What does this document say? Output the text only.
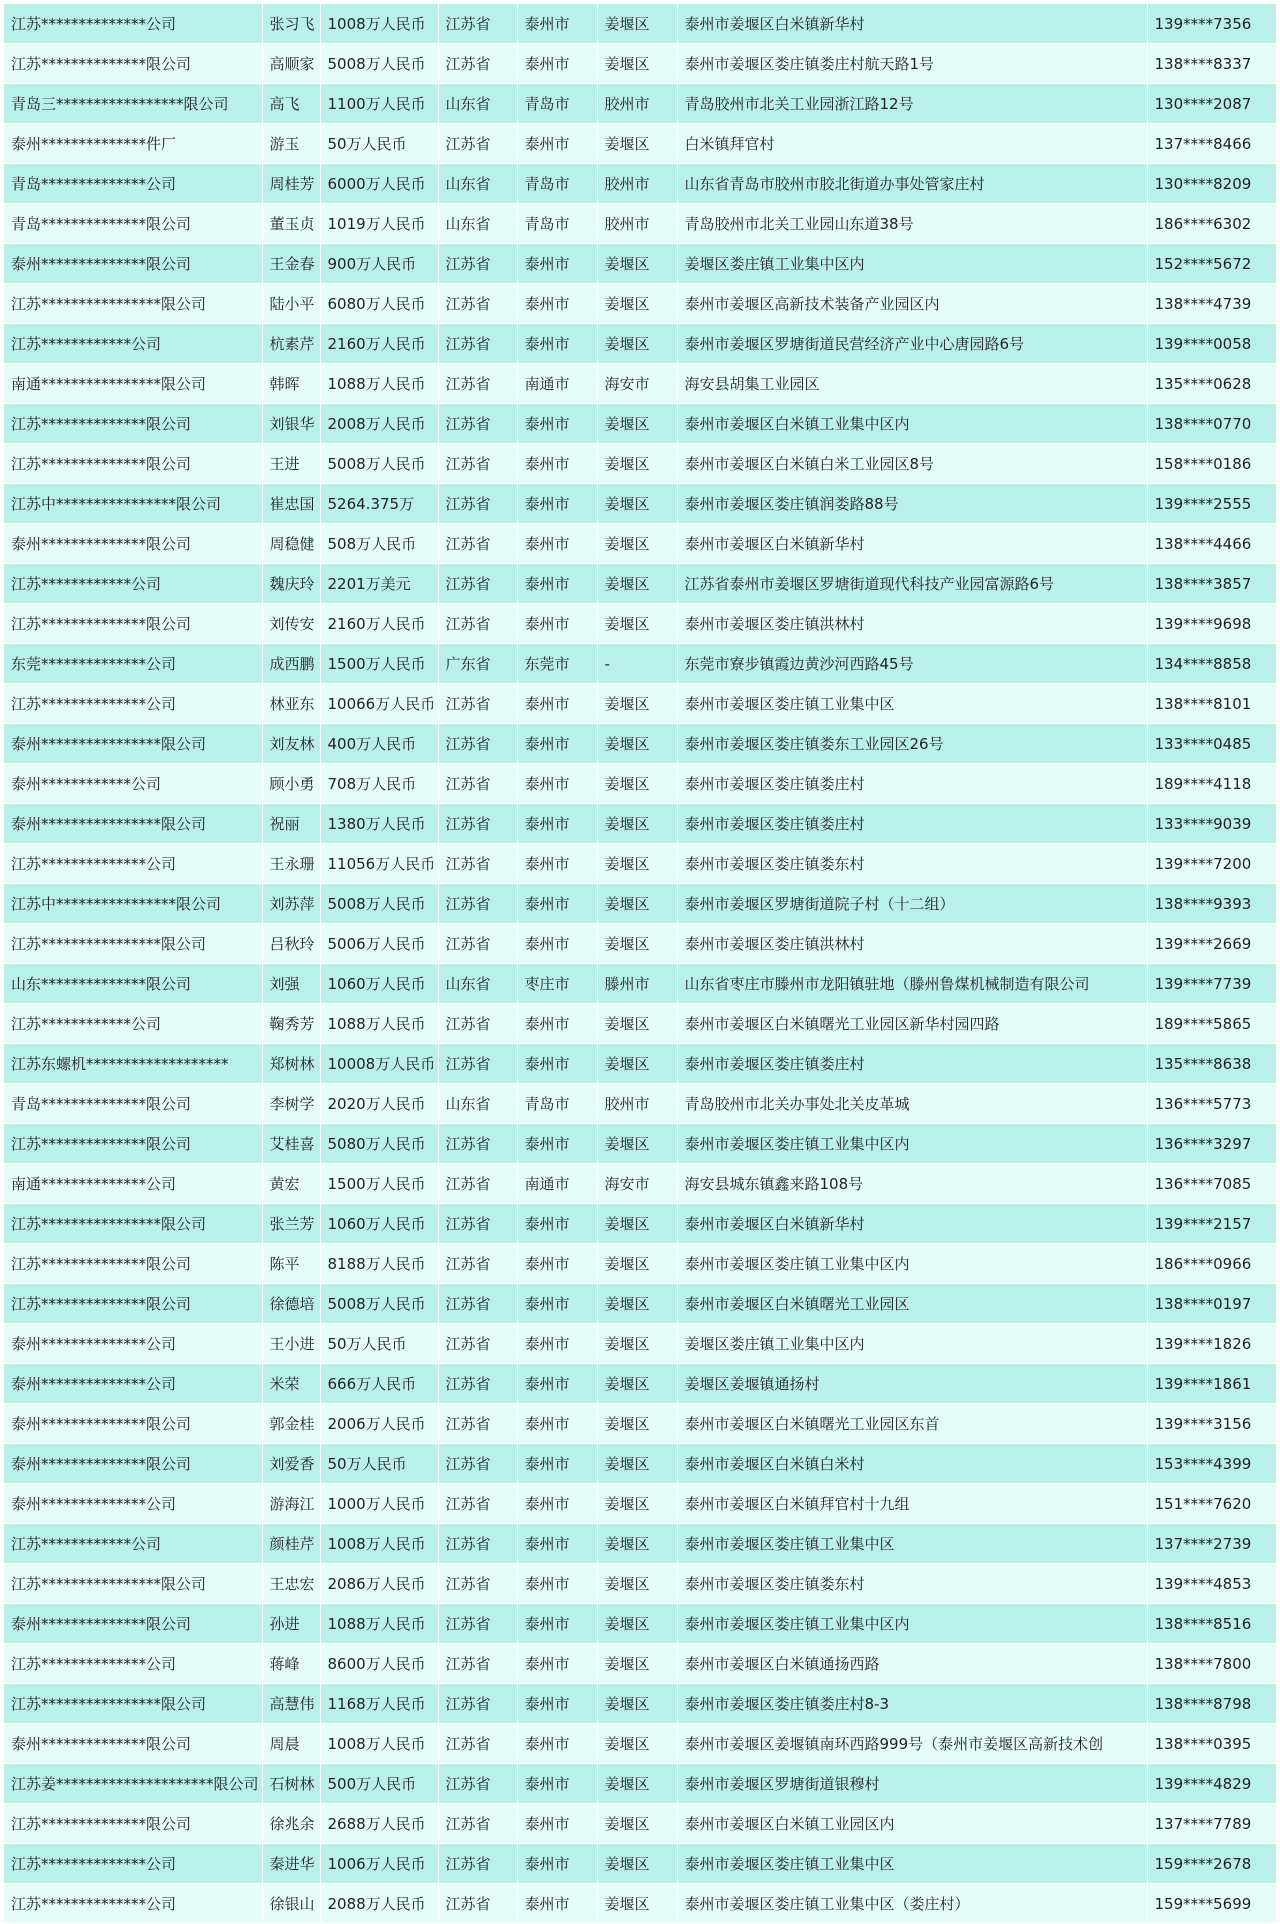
江苏**************公司	张习飞	1008万人民币	江苏省	泰州市	姜堰区	泰州市姜堰区白米镇新华村	139****7356
江苏**************限公司	高顺家	5008万人民币	江苏省	泰州市	姜堰区	泰州市姜堰区娄庄镇娄庄村航天路1号	138****8337
青岛三*****************限公司	高飞	1100万人民币	山东省	青岛市	胶州市	青岛胶州市北关工业园浙江路12号	130****2087
泰州**************件厂	游玉	50万人民币	江苏省	泰州市	姜堰区	白米镇拜官村	137****8466
青岛**************公司	周桂芳	6000万人民币	山东省	青岛市	胶州市	山东省青岛市胶州市胶北街道办事处管家庄村	130****8209
青岛**************限公司	董玉贞	1019万人民币	山东省	青岛市	胶州市	青岛胶州市北关工业园山东道38号	186****6302
泰州**************限公司	王金春	900万人民币	江苏省	泰州市	姜堰区	姜堰区娄庄镇工业集中区内	152****5672
江苏****************限公司	陆小平	6080万人民币	江苏省	泰州市	姜堰区	泰州市姜堰区高新技术装备产业园区内	138****4739
江苏************公司	杭素芹	2160万人民币	江苏省	泰州市	姜堰区	泰州市姜堰区罗塘街道民营经济产业中心唐园路6号	139****0058
南通****************限公司	韩晖	1088万人民币	江苏省	南通市	海安市	海安县胡集工业园区	135****0628
江苏**************限公司	刘银华	2008万人民币	江苏省	泰州市	姜堰区	泰州市姜堰区白米镇工业集中区内	138****0770
江苏**************限公司	王进	5008万人民币	江苏省	泰州市	姜堰区	泰州市姜堰区白米镇白米工业园区8号	158****0186
江苏中****************限公司	崔忠国	5264.375万	江苏省	泰州市	姜堰区	泰州市姜堰区娄庄镇润娄路88号	139****2555
泰州**************限公司	周稳健	508万人民币	江苏省	泰州市	姜堰区	泰州市姜堰区白米镇新华村	138****4466
江苏************公司	魏庆玲	2201万美元	江苏省	泰州市	姜堰区	江苏省泰州市姜堰区罗塘街道现代科技产业园富源路6号	138****3857
江苏**************限公司	刘传安	2160万人民币	江苏省	泰州市	姜堰区	泰州市姜堰区娄庄镇洪林村	139****9698
东莞**************公司	成西鹏	1500万人民币	广东省	东莞市	-	东莞市寮步镇霞边黄沙河西路45号	134****8858
江苏**************公司	林亚东	10066万人民币	江苏省	泰州市	姜堰区	泰州市姜堰区娄庄镇工业集中区	138****8101
泰州****************限公司	刘友林	400万人民币	江苏省	泰州市	姜堰区	泰州市姜堰区娄庄镇娄东工业园区26号	133****0485
泰州************公司	顾小勇	708万人民币	江苏省	泰州市	姜堰区	泰州市姜堰区娄庄镇娄庄村	189****4118
泰州****************限公司	祝丽	1380万人民币	江苏省	泰州市	姜堰区	泰州市姜堰区娄庄镇娄庄村	133****9039
江苏**************公司	王永珊	11056万人民币	江苏省	泰州市	姜堰区	泰州市姜堰区娄庄镇娄东村	139****7200
江苏中****************限公司	刘苏萍	5008万人民币	江苏省	泰州市	姜堰区	泰州市姜堰区罗塘街道院子村（十二组）	138****9393
江苏****************限公司	吕秋玲	5006万人民币	江苏省	泰州市	姜堰区	泰州市姜堰区娄庄镇洪林村	139****2669
山东**************限公司	刘强	1060万人民币	山东省	枣庄市	滕州市	山东省枣庄市滕州市龙阳镇驻地（滕州鲁煤机械制造有限公司	139****7739
江苏************公司	鞠秀芳	1088万人民币	江苏省	泰州市	姜堰区	泰州市姜堰区白米镇曙光工业园区新华村园四路	189****5865
江苏东螺机*******************	郑树林	10008万人民币	江苏省	泰州市	姜堰区	泰州市姜堰区娄庄镇娄庄村	135****8638
青岛**************限公司	李树学	2020万人民币	山东省	青岛市	胶州市	青岛胶州市北关办事处北关皮革城	136****5773
江苏**************限公司	艾桂喜	5080万人民币	江苏省	泰州市	姜堰区	泰州市姜堰区娄庄镇工业集中区内	136****3297
南通**************公司	黄宏	1500万人民币	江苏省	南通市	海安市	海安县城东镇鑫来路108号	136****7085
江苏****************限公司	张兰芳	1060万人民币	江苏省	泰州市	姜堰区	泰州市姜堰区白米镇新华村	139****2157
江苏**************限公司	陈平	8188万人民币	江苏省	泰州市	姜堰区	泰州市姜堰区娄庄镇工业集中区内	186****0966
江苏**************限公司	徐德培	5008万人民币	江苏省	泰州市	姜堰区	泰州市姜堰区白米镇曙光工业园区	138****0197
泰州**************公司	王小进	50万人民币	江苏省	泰州市	姜堰区	姜堰区娄庄镇工业集中区内	139****1826
泰州**************公司	米荣	666万人民币	江苏省	泰州市	姜堰区	姜堰区姜堰镇通扬村	139****1861
泰州**************限公司	郭金桂	2006万人民币	江苏省	泰州市	姜堰区	泰州市姜堰区白米镇曙光工业园区东首	139****3156
泰州**************限公司	刘爱香	50万人民币	江苏省	泰州市	姜堰区	泰州市姜堰区白米镇白米村	153****4399
泰州**************公司	游海江	1000万人民币	江苏省	泰州市	姜堰区	泰州市姜堰区白米镇拜官村十九组	151****7620
江苏************公司	颜桂芹	1008万人民币	江苏省	泰州市	姜堰区	泰州市姜堰区娄庄镇工业集中区	137****2739
江苏****************限公司	王忠宏	2086万人民币	江苏省	泰州市	姜堰区	泰州市姜堰区娄庄镇娄东村	139****4853
泰州**************限公司	孙进	1088万人民币	江苏省	泰州市	姜堰区	泰州市姜堰区娄庄镇工业集中区内	138****8516
江苏**************公司	蒋峰	8600万人民币	江苏省	泰州市	姜堰区	泰州市姜堰区白米镇通扬西路	138****7800
江苏****************限公司	高慧伟	1168万人民币	江苏省	泰州市	姜堰区	泰州市姜堰区娄庄镇娄庄村8-3	138****8798
泰州**************限公司	周晨	1008万人民币	江苏省	泰州市	姜堰区	泰州市姜堰区姜堰镇南环西路999号（泰州市姜堰区高新技术创	138****0395
江苏姜*********************限公司	石树林	500万人民币	江苏省	泰州市	姜堰区	泰州市姜堰区罗塘街道银穆村	139****4829
江苏**************限公司	徐兆余	2688万人民币	江苏省	泰州市	姜堰区	泰州市姜堰区白米镇工业园区内	137****7789
江苏**************公司	秦进华	1006万人民币	江苏省	泰州市	姜堰区	泰州市姜堰区娄庄镇工业集中区	159****2678
江苏**************公司	徐银山	2088万人民币	江苏省	泰州市	姜堰区	泰州市姜堰区娄庄镇工业集中区（娄庄村）	159****5699
